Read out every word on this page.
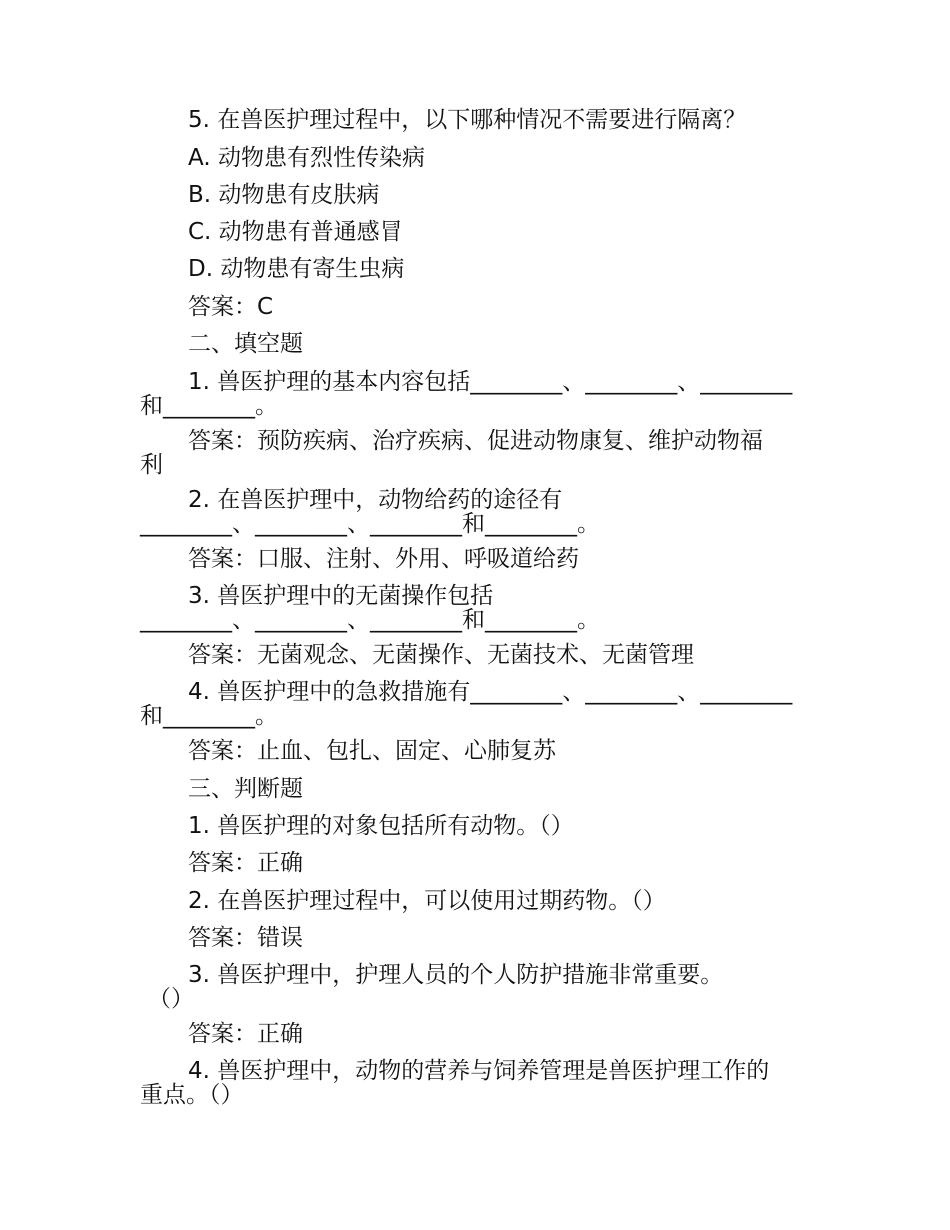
5. 在兽医护理过程中，以下哪种情况不需要进行隔离？
A. 动物患有烈性传染病
B. 动物患有皮肤病
C. 动物患有普通感冒
D. 动物患有寄生虫病
答案：C
二、填空题
1. 兽医护理的基本内容包括________、________、________
和________。
答案：预防疾病、治疗疾病、促进动物康复、维护动物福
利
2. 在兽医护理中，动物给药的途径有
________、________、________和________。
答案：口服、注射、外用、呼吸道给药
3. 兽医护理中的无菌操作包括
________、________、________和________。
答案：无菌观念、无菌操作、无菌技术、无菌管理
4. 兽医护理中的急救措施有________、________、________
和________。
答案：止血、包扎、固定、心肺复苏
三、判断题
1. 兽医护理的对象包括所有动物。（）
答案：正确
2. 在兽医护理过程中，可以使用过期药物。（）
答案：错误
3. 兽医护理中，护理人员的个人防护措施非常重要。
（）
答案：正确
4. 兽医护理中，动物的营养与饲养管理是兽医护理工作的
重点。（）
